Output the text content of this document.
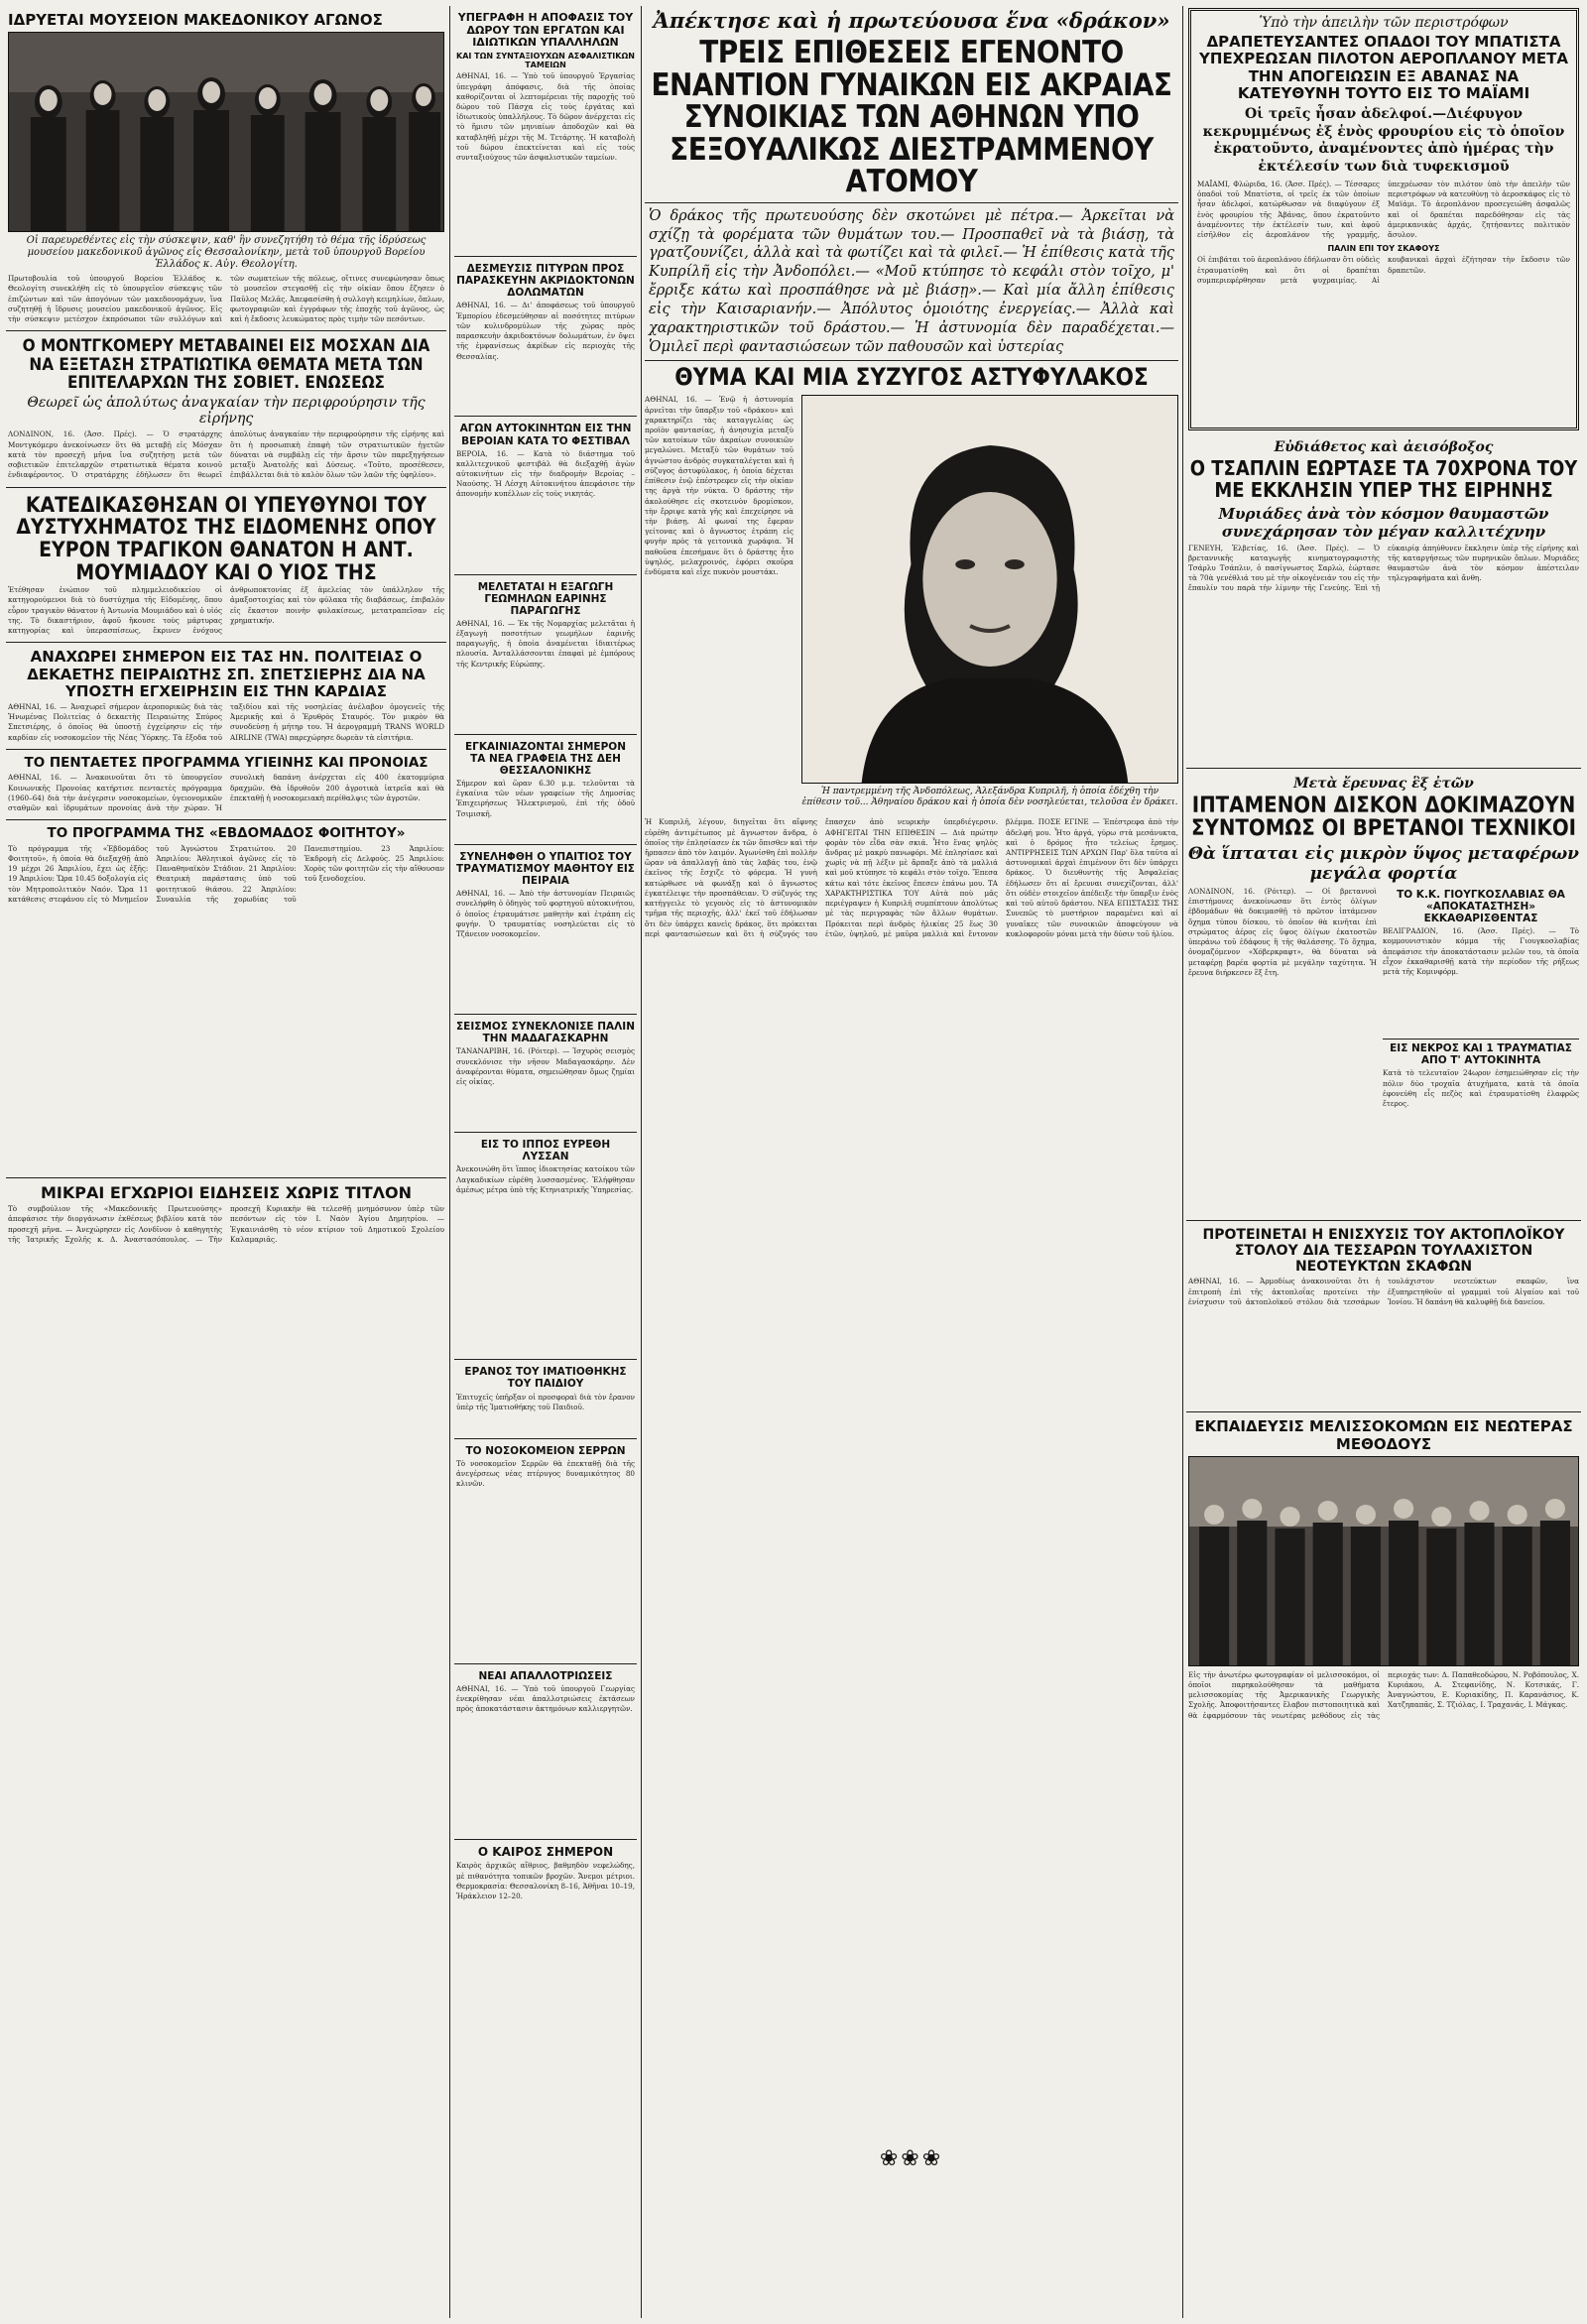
ΙΔΡΥΕΤΑΙ ΜΟΥΣΕΙΟΝ ΜΑΚΕΔΟΝΙΚΟΥ ΑΓΩΝΟΣ
Οἱ παρευρεθέντες εἰς τὴν σύσκεψιν, καθ' ἣν συνεζητήθη τὸ θέμα τῆς ἱδρύσεως μουσείου μακεδονικοῦ ἀγῶνος εἰς Θεσσαλονίκην, μετὰ τοῦ ὑπουργοῦ Βορείου Ἑλλάδος κ. Αὐγ. Θεολογίτη.
Πρωτοβουλία τοῦ ὑπουργοῦ Βορείου Ἑλλάδος κ. Θεολογίτη συνεκλήθη εἰς τὸ ὑπουργεῖον σύσκεψις τῶν ἐπιζώντων καὶ τῶν ἀπογόνων τῶν μακεδονομάχων, ἵνα συζητηθῇ ἡ ἵδρυσις μουσείου μακεδονικοῦ ἀγῶνος. Εἰς τὴν σύσκεψιν μετέσχον ἐκπρόσωποι τῶν συλλόγων καὶ τῶν σωματείων τῆς πόλεως, οἵτινες συνεφώνησαν ὅπως τὸ μουσεῖον στεγασθῇ εἰς τὴν οἰκίαν ὅπου ἔζησεν ὁ Παῦλος Μελᾶς. Ἀπεφασίσθη ἡ συλλογὴ κειμηλίων, ὅπλων, φωτογραφιῶν καὶ ἐγγράφων τῆς ἐποχῆς τοῦ ἀγῶνος, ὡς καὶ ἡ ἔκδοσις λευκώματος πρὸς τιμὴν τῶν πεσόντων.
Ο ΜΟΝΤΓΚΟΜΕΡΥ ΜΕΤΑΒΑΙΝΕΙ ΕΙΣ ΜΟΣΧΑΝ ΔΙΑ ΝΑ ΕΞΕΤΑΣΗ ΣΤΡΑΤΙΩΤΙΚΑ ΘΕΜΑΤΑ ΜΕΤΑ ΤΩΝ ΕΠΙΤΕΛΑΡΧΩΝ ΤΗΣ ΣΟΒΙΕΤ. ΕΝΩΣΕΩΣ
Θεωρεῖ ὡς ἀπολύτως ἀναγκαίαν τὴν περιφρούρησιν τῆς εἰρήνης
ΛΟΝΔΙΝΟΝ, 16. (Ἀσσ. Πρές). — Ὁ στρατάρχης Μοντγκόμερυ ἀνεκοίνωσεν ὅτι θὰ μεταβῇ εἰς Μόσχαν κατὰ τὸν προσεχῆ μῆνα ἵνα συζητήσῃ μετὰ τῶν σοβιετικῶν ἐπιτελαρχῶν στρατιωτικὰ θέματα κοινοῦ ἐνδιαφέροντος. Ὁ στρατάρχης ἐδήλωσεν ὅτι θεωρεῖ ἀπολύτως ἀναγκαίαν τὴν περιφρούρησιν τῆς εἰρήνης καὶ ὅτι ἡ προσωπικὴ ἐπαφὴ τῶν στρατιωτικῶν ἡγετῶν δύναται νὰ συμβάλῃ εἰς τὴν ἄρσιν τῶν παρεξηγήσεων μεταξὺ Ἀνατολῆς καὶ Δύσεως. «Τοῦτο, προσέθεσεν, ἐπιβάλλεται διὰ τὸ καλὸν ὅλων τῶν λαῶν τῆς ὑφηλίου».
ΚΑΤΕΔΙΚΑΣΘΗΣΑΝ ΟΙ ΥΠΕΥΘΥΝΟΙ ΤΟΥ ΔΥΣΤΥΧΗΜΑΤΟΣ ΤΗΣ ΕΙΔΟΜΕΝΗΣ ΟΠΟΥ ΕΥΡΟΝ ΤΡΑΓΙΚΟΝ ΘΑΝΑΤΟΝ Η ΑΝΤ. ΜΟΥΜΙΑΔΟΥ ΚΑΙ Ο ΥΙΟΣ ΤΗΣ
Ἐτέθησαν ἐνώπιον τοῦ πλημμελειοδικείου οἱ κατηγορούμενοι διὰ τὸ δυστύχημα τῆς Εἰδομένης, ὅπου εὗρον τραγικὸν θάνατον ἡ Ἀντωνία Μουμιάδου καὶ ὁ υἱός της. Τὸ δικαστήριον, ἀφοῦ ἤκουσε τοὺς μάρτυρας κατηγορίας καὶ ὑπερασπίσεως, ἔκρινεν ἐνόχους ἀνθρωποκτονίας ἐξ ἀμελείας τὸν ὑπάλληλον τῆς ἀμαξοστοιχίας καὶ τὸν φύλακα τῆς διαβάσεως, ἐπιβαλὸν εἰς ἕκαστον ποινὴν φυλακίσεως, μετατραπεῖσαν εἰς χρηματικήν.
ΑΝΑΧΩΡΕΙ ΣΗΜΕΡΟΝ ΕΙΣ ΤΑΣ ΗΝ. ΠΟΛΙΤΕΙΑΣ Ο ΔΕΚΑΕΤΗΣ ΠΕΙΡΑΙΩΤΗΣ ΣΠ. ΣΠΕΤΣΙΕΡΗΣ ΔΙΑ ΝΑ ΥΠΟΣΤΗ ΕΓΧΕΙΡΗΣΙΝ ΕΙΣ ΤΗΝ ΚΑΡΔΙΑΣ
ΑΘΗΝΑΙ, 16. — Ἀναχωρεῖ σήμερον ἀεροπορικῶς διὰ τὰς Ἡνωμένας Πολιτείας ὁ δεκαετὴς Πειραιώτης Σπύρος Σπετσιέρης, ὁ ὁποῖος θὰ ὑποστῇ ἐγχείρησιν εἰς τὴν καρδίαν εἰς νοσοκομεῖον τῆς Νέας Ὑόρκης. Τὰ ἔξοδα τοῦ ταξιδίου καὶ τῆς νοσηλείας ἀνέλαβον ὁμογενεῖς τῆς Ἀμερικῆς καὶ ὁ Ἐρυθρὸς Σταυρός. Τὸν μικρὸν θὰ συνοδεύσῃ ἡ μήτηρ του. Ἡ ἀερογραμμὴ TRANS WORLD AIRLINE (TWA) παρεχώρησε δωρεὰν τὰ εἰσιτήρια.
ΤΟ ΠΕΝΤΑΕΤΕΣ ΠΡΟΓΡΑΜΜΑ ΥΓΙΕΙΝΗΣ ΚΑΙ ΠΡΟΝΟΙΑΣ
ΑΘΗΝΑΙ, 16. — Ἀνακοινοῦται ὅτι τὸ ὑπουργεῖον Κοινωνικῆς Προνοίας κατήρτισε πενταετὲς πρόγραμμα (1960–64) διὰ τὴν ἀνέγερσιν νοσοκομείων, ὑγειονομικῶν σταθμῶν καὶ ἱδρυμάτων προνοίας ἀνὰ τὴν χώραν. Ἡ συνολικὴ δαπάνη ἀνέρχεται εἰς 400 ἑκατομμύρια δραχμῶν. Θὰ ἱδρυθοῦν 200 ἀγροτικὰ ἰατρεῖα καὶ θὰ ἐπεκταθῇ ἡ νοσοκομειακὴ περίθαλψις τῶν ἀγροτῶν.
ΤΟ ΠΡΟΓΡΑΜΜΑ ΤΗΣ «ΕΒΔΟΜΑΔΟΣ ΦΟΙΤΗΤΟΥ»
Τὸ πρόγραμμα τῆς «Ἑβδομάδος Φοιτητοῦ», ἡ ὁποία θὰ διεξαχθῇ ἀπὸ 19 μέχρι 26 Ἀπριλίου, ἔχει ὡς ἑξῆς: 19 Ἀπριλίου: Ὥρα 10.45 δοξολογία εἰς τὸν Μητροπολιτικὸν Ναόν. Ὥρα 11 κατάθεσις στεφάνου εἰς τὸ Μνημεῖον τοῦ Ἀγνώστου Στρατιώτου. 20 Ἀπριλίου: Ἀθλητικοὶ ἀγῶνες εἰς τὸ Παναθηναϊκὸν Στάδιον. 21 Ἀπριλίου: Θεατρικὴ παράστασις ὑπὸ τοῦ φοιτητικοῦ θιάσου. 22 Ἀπριλίου: Συναυλία τῆς χορωδίας τοῦ Πανεπιστημίου. 23 Ἀπριλίου: Ἐκδρομὴ εἰς Δελφούς. 25 Ἀπριλίου: Χορὸς τῶν φοιτητῶν εἰς τὴν αἴθουσαν τοῦ ξενοδοχείου.
ΜΙΚΡΑΙ ΕΓΧΩΡΙΟΙ ΕΙΔΗΣΕΙΣ ΧΩΡΙΣ ΤΙΤΛΟΝ
Τὸ συμβούλιον τῆς «Μακεδονικῆς Πρωτευούσης» ἀπεφάσισε τὴν διοργάνωσιν ἐκθέσεως βιβλίου κατὰ τὸν προσεχῆ μῆνα. — Ἀνεχώρησεν εἰς Λονδῖνον ὁ καθηγητὴς τῆς Ἰατρικῆς Σχολῆς κ. Δ. Ἀναστασόπουλος. — Τὴν προσεχῆ Κυριακὴν θὰ τελεσθῇ μνημόσυνον ὑπὲρ τῶν πεσόντων εἰς τὸν Ι. Ναὸν Ἁγίου Δημητρίου. — Ἐγκαινιάσθη τὸ νέον κτίριον τοῦ Δημοτικοῦ Σχολείου Καλαμαριᾶς.
ΥΠΕΓΡΑΦΗ Η ΑΠΟΦΑΣΙΣ ΤΟΥ ΔΩΡΟΥ ΤΩΝ ΕΡΓΑΤΩΝ ΚΑΙ ΙΔΙΩΤΙΚΩΝ ΥΠΑΛΛΗΛΩΝ
ΚΑΙ ΤΩΝ ΣΥΝΤΑΞΙΟΥΧΩΝ ΑΣΦΑΛΙΣΤΙΚΩΝ ΤΑΜΕΙΩΝ
ΑΘΗΝΑΙ, 16. — Ὑπὸ τοῦ ὑπουργοῦ Ἐργασίας ὑπεγράφη ἀπόφασις, διὰ τῆς ὁποίας καθορίζονται οἱ λεπτομέρειαι τῆς παροχῆς τοῦ δώρου τοῦ Πάσχα εἰς τοὺς ἐργάτας καὶ ἰδιωτικοὺς ὑπαλλήλους. Τὸ δῶρον ἀνέρχεται εἰς τὸ ἥμισυ τῶν μηνιαίων ἀποδοχῶν καὶ θὰ καταβληθῇ μέχρι τῆς Μ. Τετάρτης. Ἡ καταβολὴ τοῦ δώρου ἐπεκτείνεται καὶ εἰς τοὺς συνταξιούχους τῶν ἀσφαλιστικῶν ταμείων.
ΔΕΣΜΕΥΣΙΣ ΠΙΤΥΡΩΝ ΠΡΟΣ ΠΑΡΑΣΚΕΥΗΝ ΑΚΡΙΔΟΚΤΟΝΩΝ ΔΟΛΩΜΑΤΩΝ
ΑΘΗΝΑΙ, 16. — Δι' ἀποφάσεως τοῦ ὑπουργοῦ Ἐμπορίου ἐδεσμεύθησαν αἱ ποσότητες πιτύρων τῶν κυλινδρομύλων τῆς χώρας πρὸς παρασκευὴν ἀκριδοκτόνων δολωμάτων, ἐν ὄψει τῆς ἐμφανίσεως ἀκρίδων εἰς περιοχὰς τῆς Θεσσαλίας.
ΑΓΩΝ ΑΥΤΟΚΙΝΗΤΩΝ ΕΙΣ ΤΗΝ ΒΕΡΟΙΑΝ ΚΑΤΑ ΤΟ ΦΕΣΤΙΒΑΛ
ΒΕΡΟΙΑ, 16. — Κατὰ τὸ διάστημα τοῦ καλλιτεχνικοῦ φεστιβὰλ θὰ διεξαχθῇ ἀγὼν αὐτοκινήτων εἰς τὴν διαδρομὴν Βεροίας – Ναούσης. Ἡ Λέσχη Αὐτοκινήτου ἀπεφάσισε τὴν ἀπονομὴν κυπέλλων εἰς τοὺς νικητάς.
ΜΕΛΕΤΑΤΑΙ Η ΕΞΑΓΩΓΗ ΓΕΩΜΗΛΩΝ ΕΑΡΙΝΗΣ ΠΑΡΑΓΩΓΗΣ
ΑΘΗΝΑΙ, 16. — Ἐκ τῆς Νομαρχίας μελετᾶται ἡ ἐξαγωγὴ ποσοτήτων γεωμήλων ἐαρινῆς παραγωγῆς, ἡ ὁποία ἀναμένεται ἰδιαιτέρως πλουσία. Ἀνταλλάσσονται ἐπαφαὶ μὲ ἐμπόρους τῆς Κεντρικῆς Εὐρώπης.
ΕΓΚΑΙΝΙΑΖΟΝΤΑΙ ΣΗΜΕΡΟΝ ΤΑ ΝΕΑ ΓΡΑΦΕΙΑ ΤΗΣ ΔΕΗ ΘΕΣΣΑΛΟΝΙΚΗΣ
Σήμερον καὶ ὥραν 6.30 μ.μ. τελοῦνται τὰ ἐγκαίνια τῶν νέων γραφείων τῆς Δημοσίας Ἐπιχειρήσεως Ἠλεκτρισμοῦ, ἐπὶ τῆς ὁδοῦ Τσιμισκῆ.
ΣΥΝΕΛΗΦΘΗ Ο ΥΠΑΙΤΙΟΣ ΤΟΥ ΤΡΑΥΜΑΤΙΣΜΟΥ ΜΑΘΗΤΟΥ ΕΙΣ ΠΕΙΡΑΙΑ
ΑΘΗΝΑΙ, 16. — Ἀπὸ τὴν ἀστυνομίαν Πειραιῶς συνελήφθη ὁ ὁδηγὸς τοῦ φορτηγοῦ αὐτοκινήτου, ὁ ὁποῖος ἐτραυμάτισε μαθητὴν καὶ ἐτράπη εἰς φυγήν. Ὁ τραυματίας νοσηλεύεται εἰς τὸ Τζάνειον νοσοκομεῖον.
ΣΕΙΣΜΟΣ ΣΥΝΕΚΛΟΝΙΣΕ ΠΑΛΙΝ ΤΗΝ ΜΑΔΑΓΑΣΚΑΡΗΝ
ΤΑΝΑΝΑΡΙΒΗ, 16. (Ρόιτερ). — Ἰσχυρὸς σεισμὸς συνεκλόνισε τὴν νῆσον Μαδαγασκάρην. Δὲν ἀναφέρονται θύματα, σημειώθησαν ὅμως ζημίαι εἰς οἰκίας.
ΕΙΣ ΤΟ ΙΠΠΟΣ ΕΥΡΕΘΗ ΛΥΣΣΑΝ
Ἀνεκοινώθη ὅτι ἵππος ἰδιοκτησίας κατοίκου τῶν Λαγκαδικίων εὑρέθη λυσσασμένος. Ἐλήφθησαν ἀμέσως μέτρα ὑπὸ τῆς Κτηνιατρικῆς Ὑπηρεσίας.
ΕΡΑΝΟΣ ΤΟΥ ΙΜΑΤΙΟΘΗΚΗΣ ΤΟΥ ΠΑΙΔΙΟΥ
Ἐπιτυχεῖς ὑπῆρξαν οἱ προσφοραὶ διὰ τὸν ἔρανον ὑπὲρ τῆς Ἱματιοθήκης τοῦ Παιδιοῦ.
ΤΟ ΝΟΣΟΚΟΜΕΙΟΝ ΣΕΡΡΩΝ
Τὸ νοσοκομεῖον Σερρῶν θὰ ἐπεκταθῇ διὰ τῆς ἀνεγέρσεως νέας πτέρυγος δυναμικότητος 80 κλινῶν.
ΝΕΑΙ ΑΠΑΛΛΟΤΡΙΩΣΕΙΣ
ΑΘΗΝΑΙ, 16. — Ὑπὸ τοῦ ὑπουργοῦ Γεωργίας ἐνεκρίθησαν νέαι ἀπαλλοτριώσεις ἐκτάσεων πρὸς ἀποκατάστασιν ἀκτημόνων καλλιεργητῶν.
Ο ΚΑΙΡΟΣ ΣΗΜΕΡΟΝ
Καιρὸς ἀρχικῶς αἴθριος, βαθμηδὸν νεφελώδης, μὲ πιθανότητα τοπικῶν βροχῶν. Ἄνεμοι μέτριοι. Θερμοκρασία: Θεσσαλονίκη 8–16, Ἀθῆναι 10–19, Ἡράκλειον 12–20.
Ἀπέκτησε καὶ ἡ πρωτεύουσα ἕνα «δράκον»
ΤΡΕΙΣ ΕΠΙΘΕΣΕΙΣ ΕΓΕΝΟΝΤΟ ΕΝΑΝΤΙΟΝ ΓΥΝΑΙΚΩΝ ΕΙΣ ΑΚΡΑΙΑΣ ΣΥΝΟΙΚΙΑΣ ΤΩΝ ΑΘΗΝΩΝ ΥΠΟ ΣΕΞΟΥΑΛΙΚΩΣ ΔΙΕΣΤΡΑΜΜΕΝΟΥ ΑΤΟΜΟΥ
Ὁ δράκος τῆς πρωτευούσης δὲν σκοτώνει μὲ πέτρα.— Ἀρκεῖται νὰ σχίζῃ τὰ φορέματα τῶν θυμάτων του.— Προσπαθεῖ νὰ τὰ βιάσῃ, τὰ γρατζουνίζει, ἀλλὰ καὶ τὰ φωτίζει καὶ τὰ φιλεῖ.— Ἡ ἐπίθεσις κατὰ τῆς Κυπρίλῆ εἰς τὴν Ἀνδοπόλει.— «Μοῦ κτύπησε τὸ κεφάλι στὸν τοῖχο, μ' ἔρριξε κάτω καὶ προσπάθησε νὰ μὲ βιάσῃ».— Καὶ μία ἄλλη ἐπίθεσις εἰς τὴν Καισαριανήν.— Ἀπόλυτος ὁμοιότης ἐνεργείας.— Ἀλλὰ καὶ χαρακτηριστικῶν τοῦ δράστου.— Ἡ ἀστυνομία δὲν παραδέχεται.— Ὁμιλεῖ περὶ φαντασιώσεων τῶν παθουσῶν καὶ ὑστερίας
ΘΥΜΑ ΚΑΙ ΜΙΑ ΣΥΖΥΓΟΣ ΑΣΤΥΦΥΛΑΚΟΣ
ΑΘΗΝΑΙ, 16. — Ἐνῷ ἡ ἀστυνομία ἀρνεῖται τὴν ὕπαρξιν τοῦ «δράκου» καὶ χαρακτηρίζει τὰς καταγγελίας ὡς προϊὸν φαντασίας, ἡ ἀνησυχία μεταξὺ τῶν κατοίκων τῶν ἀκραίων συνοικιῶν μεγαλώνει. Μεταξὺ τῶν θυμάτων τοῦ ἀγνώστου ἀνδρὸς συγκαταλέγεται καὶ ἡ σύζυγος ἀστυφύλακος, ἡ ὁποία δέχεται ἐπίθεσιν ἐνῷ ἐπέστρεφεν εἰς τὴν οἰκίαν της ἀργὰ τὴν νύκτα. Ὁ δράστης τὴν ἀκολούθησε εἰς σκοτεινὸν δρομίσκον, τὴν ἔρριψε κατὰ γῆς καὶ ἐπεχείρησε νὰ τὴν βιάσῃ. Αἱ φωναί της ἔφεραν γείτονας καὶ ὁ ἄγνωστος ἐτράπη εἰς φυγὴν πρὸς τὰ γειτονικὰ χωράφια. Ἡ παθοῦσα ἐπεσήμανε ὅτι ὁ δράστης ἦτο ὑψηλός, μελαχροινός, ἐφόρει σκοῦρα ἐνδύματα καὶ εἶχε πυκνὸν μουστάκι.
Ἡ παντρεμμένη τῆς Ἀνδοπόλεως, Ἀλεξάνδρα Κυπριλῆ, ἡ ὁποία ἐδέχθη τὴν ἐπίθεσιν τοῦ... Ἀθηναίου δράκου καὶ ἡ ὁποία δὲν νοσηλεύεται, τελοῦσα ἐν δράκει.
Ἡ Κυπριλῆ, λέγουν, διηγεῖται ὅτι αἴφνης εὑρέθη ἀντιμέτωπος μὲ ἄγνωστον ἄνδρα, ὁ ὁποῖος τὴν ἐπλησίασεν ἐκ τῶν ὄπισθεν καὶ τὴν ἥρπασεν ἀπὸ τὸν λαιμόν. Ἀγωνίσθη ἐπὶ πολλὴν ὥραν νὰ ἀπαλλαγῇ ἀπὸ τὰς λαβάς του, ἐνῷ ἐκεῖνος τῆς ἔσχιζε τὸ φόρεμα. Ἡ γυνὴ κατώρθωσε νὰ φωνάξῃ καὶ ὁ ἄγνωστος ἐγκατέλειψε τὴν προσπάθειαν. Ὁ σύζυγός της κατήγγειλε τὸ γεγονὸς εἰς τὸ ἀστυνομικὸν τμῆμα τῆς περιοχῆς, ἀλλ' ἐκεῖ τοῦ ἐδήλωσαν ὅτι δὲν ὑπάρχει κανεὶς δράκος, ὅτι πρόκειται περὶ φαντασιώσεων καὶ ὅτι ἡ σύζυγός του ἔπασχεν ἀπὸ νευρικὴν ὑπερδιέγερσιν. ΑΦΗΓΕΙΤΑΙ ΤΗΝ ΕΠΙΘΕΣΙΝ — Διὰ πρώτην φορὰν τὸν εἶδα σὰν σκιά. Ἦτο ἕνας ψηλὸς ἄνδρας μὲ μακρὺ πανωφόρι. Μὲ ἐπλησίασε καὶ χωρὶς νὰ πῇ λέξιν μὲ ἄρπαξε ἀπὸ τὰ μαλλιά καὶ μοῦ κτύπησε τὸ κεφάλι στὸν τοῖχο. Ἔπεσα κάτω καὶ τότε ἐκεῖνος ἔπεσεν ἐπάνω μου. ΤΑ ΧΑΡΑΚΤΗΡΙΣΤΙΚΑ ΤΟΥ Αὐτὰ ποὺ μᾶς περιέγραψεν ἡ Κυπριλῆ συμπίπτουν ἀπολύτως μὲ τὰς περιγραφὰς τῶν ἄλλων θυμάτων. Πρόκειται περὶ ἀνδρὸς ἡλικίας 25 ἕως 30 ἐτῶν, ὑψηλοῦ, μὲ μαῦρα μαλλιὰ καὶ ἔντονον βλέμμα. ΠΟΣΕ ΕΓΙΝΕ — Ἐπέστρεφα ἀπὸ τὴν ἀδελφή μου. Ἦτο ἀργά, γύρω στὰ μεσάνυκτα, καὶ ὁ δρόμος ἦτο τελείως ἔρημος. ΑΝΤΙΡΡΗΣΕΙΣ ΤΩΝ ΑΡΧΩΝ Παρ' ὅλα ταῦτα αἱ ἀστυνομικαὶ ἀρχαὶ ἐπιμένουν ὅτι δὲν ὑπάρχει δράκος. Ὁ διευθυντὴς τῆς Ἀσφαλείας ἐδήλωσεν ὅτι αἱ ἔρευναι συνεχίζονται, ἀλλ' ὅτι οὐδὲν στοιχεῖον ἀπέδειξε τὴν ὕπαρξιν ἑνὸς καὶ τοῦ αὐτοῦ δράστου. ΝΕΑ ΕΠΙΣΤΑΣΙΣ ΤΗΣ Συνεπῶς τὸ μυστήριον παραμένει καὶ αἱ γυναῖκες τῶν συνοικιῶν ἀποφεύγουν νὰ κυκλοφοροῦν μόναι μετὰ τὴν δύσιν τοῦ ἡλίου.
❀❀❀
Ὑπὸ τὴν ἀπειλὴν τῶν περιστρόφων
ΔΡΑΠΕΤΕΥΣΑΝΤΕΣ ΟΠΑΔΟΙ ΤΟΥ ΜΠΑΤΙΣΤΑ ΥΠΕΧΡΕΩΣΑΝ ΠΙΛΟΤΟΝ ΑΕΡΟΠΛΑΝΟΥ ΜΕΤΑ ΤΗΝ ΑΠΟΓΕΙΩΣΙΝ ΕΞ ΑΒΑΝΑΣ ΝΑ ΚΑΤΕΥΘΥΝΗ ΤΟΥΤΟ ΕΙΣ ΤΟ ΜΑΪΑΜΙ
Οἱ τρεῖς ἦσαν ἀδελφοί.—Διέφυγον κεκρυμμένως ἐξ ἑνὸς φρουρίου εἰς τὸ ὁποῖον ἐκρατοῦντο, ἀναμένοντες ἀπὸ ἡμέρας τὴν ἐκτέλεσίν των διὰ τυφεκισμοῦ
ΜΑΪΑΜΙ, Φλώριδα, 16. (Ἀσσ. Πρές). — Τέσσαρες ὁπαδοὶ τοῦ Μπατίστα, οἱ τρεῖς ἐκ τῶν ὁποίων ἦσαν ἀδελφοί, κατώρθωσαν νὰ διαφύγουν ἐξ ἑνὸς φρουρίου τῆς Ἀβάνας, ὅπου ἐκρατοῦντο ἀναμένοντες τὴν ἐκτέλεσίν των, καὶ ἀφοῦ εἰσῆλθον εἰς ἀεροπλάνον τῆς γραμμῆς, ὑπεχρέωσαν τὸν πιλότον ὑπὸ τὴν ἀπειλὴν τῶν περιστρόφων νὰ κατευθύνῃ τὸ ἀεροσκάφος εἰς τὸ Μαϊάμι. Τὸ ἀεροπλάνον προσεγειώθη ἀσφαλῶς καὶ οἱ δραπέται παρεδόθησαν εἰς τὰς ἀμερικανικὰς ἀρχάς, ζητήσαντες πολιτικὸν ἄσυλον.
ΠΑΛΙΝ ΕΠΙ ΤΟΥ ΣΚΑΦΟΥΣ
Οἱ ἐπιβάται τοῦ ἀεροπλάνου ἐδήλωσαν ὅτι οὐδεὶς ἐτραυματίσθη καὶ ὅτι οἱ δραπέται συμπεριεφέρθησαν μετὰ ψυχραιμίας. Αἱ κουβανικαὶ ἀρχαὶ ἐζήτησαν τὴν ἔκδοσιν τῶν δραπετῶν.
Εὐδιάθετος καὶ ἀεισόβοξος
Ο ΤΣΑΠΛΙΝ ΕΩΡΤΑΣΕ ΤΑ 70ΧΡΟΝΑ ΤΟΥ ΜΕ ΕΚΚΛΗΣΙΝ ΥΠΕΡ ΤΗΣ ΕΙΡΗΝΗΣ
Μυριάδες ἀνὰ τὸν κόσμον θαυμαστῶν συνεχάρησαν τὸν μέγαν καλλιτέχνην
ΓΕΝΕΥΗ, Ἑλβετίας, 16. (Ἀσσ. Πρές). — Ὁ βρεταννικῆς καταγωγῆς κινηματογραφιστὴς Τσάρλυ Τσάπλιν, ὁ πασίγνωστος Σαρλώ, ἑώρτασε τὰ 70ὰ γενέθλιά του μὲ τὴν οἰκογένειάν του εἰς τὴν ἔπαυλίν του παρὰ τὴν λίμνην τῆς Γενεύης. Ἐπὶ τῇ εὐκαιρίᾳ ἀπηύθυνεν ἔκκλησιν ὑπὲρ τῆς εἰρήνης καὶ τῆς καταργήσεως τῶν πυρηνικῶν ὅπλων. Μυριάδες θαυμαστῶν ἀνὰ τὸν κόσμον ἀπέστειλαν τηλεγραφήματα καὶ ἄνθη.
Μετὰ ἔρευνας ἓξ ἐτῶν
ΙΠΤΑΜΕΝΟΝ ΔΙΣΚΟΝ ΔΟΚΙΜΑΖΟΥΝ ΣΥΝΤΟΜΩΣ ΟΙ ΒΡΕΤΑΝΟΙ ΤΕΧΝΙΚΟΙ
Θὰ ἵπταται εἰς μικρὸν ὕψος μεταφέρων μεγάλα φορτία
ΛΟΝΔΙΝΟΝ, 16. (Ρόιτερ). — Οἱ βρεταννοὶ ἐπιστήμονες ἀνεκοίνωσαν ὅτι ἐντὸς ὀλίγων ἑβδομάδων θὰ δοκιμασθῇ τὸ πρῶτον ἱπτάμενον ὄχημα τύπου δίσκου, τὸ ὁποῖον θὰ κινῆται ἐπὶ στρώματος ἀέρος εἰς ὕψος ὀλίγων ἑκατοστῶν ὑπεράνω τοῦ ἐδάφους ἢ τῆς θαλάσσης. Τὸ ὄχημα, ὀνομαζόμενον «Χόβερκραφτ», θὰ δύναται νὰ μεταφέρῃ βαρέα φορτία μὲ μεγάλην ταχύτητα. Ἡ ἔρευνα διήρκεσεν ἓξ ἔτη.
ΤΟ Κ.Κ. ΓΙΟΥΓΚΟΣΛΑΒΙΑΣ ΘΑ «ΑΠΟΚΑΤΑΣΤΗΣΗ» ΕΚΚΑΘΑΡΙΣΘΕΝΤΑΣ
ΒΕΛΙΓΡΑΔΙΟΝ, 16. (Ἀσσ. Πρές). — Τὸ κομμουνιστικὸν κόμμα τῆς Γιουγκοσλαβίας ἀπεφάσισε τὴν ἀποκατάστασιν μελῶν του, τὰ ὁποῖα εἶχον ἐκκαθαρισθῇ κατὰ τὴν περίοδον τῆς ρήξεως μετὰ τῆς Κομινφόρμ.
ΕΙΣ ΝΕΚΡΟΣ ΚΑΙ 1 ΤΡΑΥΜΑΤΙΑΣ ΑΠΟ Τ' ΑΥΤΟΚΙΝΗΤΑ
Κατὰ τὸ τελευταῖον 24ωρον ἐσημειώθησαν εἰς τὴν πόλιν δύο τροχαῖα ἀτυχήματα, κατὰ τὰ ὁποῖα ἐφονεύθη εἷς πεζὸς καὶ ἐτραυματίσθη ἐλαφρῶς ἕτερος.
ΠΡΟΤΕΙΝΕΤΑΙ Η ΕΝΙΣΧΥΣΙΣ ΤΟΥ ΑΚΤΟΠΛΟΪΚΟΥ ΣΤΟΛΟΥ ΔΙΑ ΤΕΣΣΑΡΩΝ ΤΟΥΛΑΧΙΣΤΟΝ ΝΕΟΤΕΥΚΤΩΝ ΣΚΑΦΩΝ
ΑΘΗΝΑΙ, 16. — Ἁρμοδίως ἀνακοινοῦται ὅτι ἡ ἐπιτροπὴ ἐπὶ τῆς ἀκτοπλοΐας προτείνει τὴν ἐνίσχυσιν τοῦ ἀκτοπλοϊκοῦ στόλου διὰ τεσσάρων τουλάχιστον νεοτεύκτων σκαφῶν, ἵνα ἐξυπηρετηθοῦν αἱ γραμμαὶ τοῦ Αἰγαίου καὶ τοῦ Ἰονίου. Ἡ δαπάνη θὰ καλυφθῇ διὰ δανείου.
ΕΚΠΑΙΔΕΥΣΙΣ ΜΕΛΙΣΣΟΚΟΜΩΝ ΕΙΣ ΝΕΩΤΕΡΑΣ ΜΕΘΟΔΟΥΣ
Εἰς τὴν ἀνωτέρω φωτογραφίαν οἱ μελισσοκόμοι, οἱ ὁποῖοι παρηκολούθησαν τὰ μαθήματα μελισσοκομίας τῆς Ἀμερικανικῆς Γεωργικῆς Σχολῆς. Ἀποφοιτήσαντες ἔλαβον πιστοποιητικὰ καὶ θὰ ἐφαρμόσουν τὰς νεωτέρας μεθόδους εἰς τὰς περιοχάς των: Δ. Παπαθεοδώρου, Ν. Ροβόπουλος, Χ. Κυριάκου, Α. Στεφανίδης, Ν. Κοτσικάς, Γ. Ἀναγνώστου, Ε. Κυριακίδης, Π. Καρανάσιος, Κ. Χατζηπαπᾶς, Σ. Τζιόλας, Ι. Τραχανάς, Ι. Μάγκας.
